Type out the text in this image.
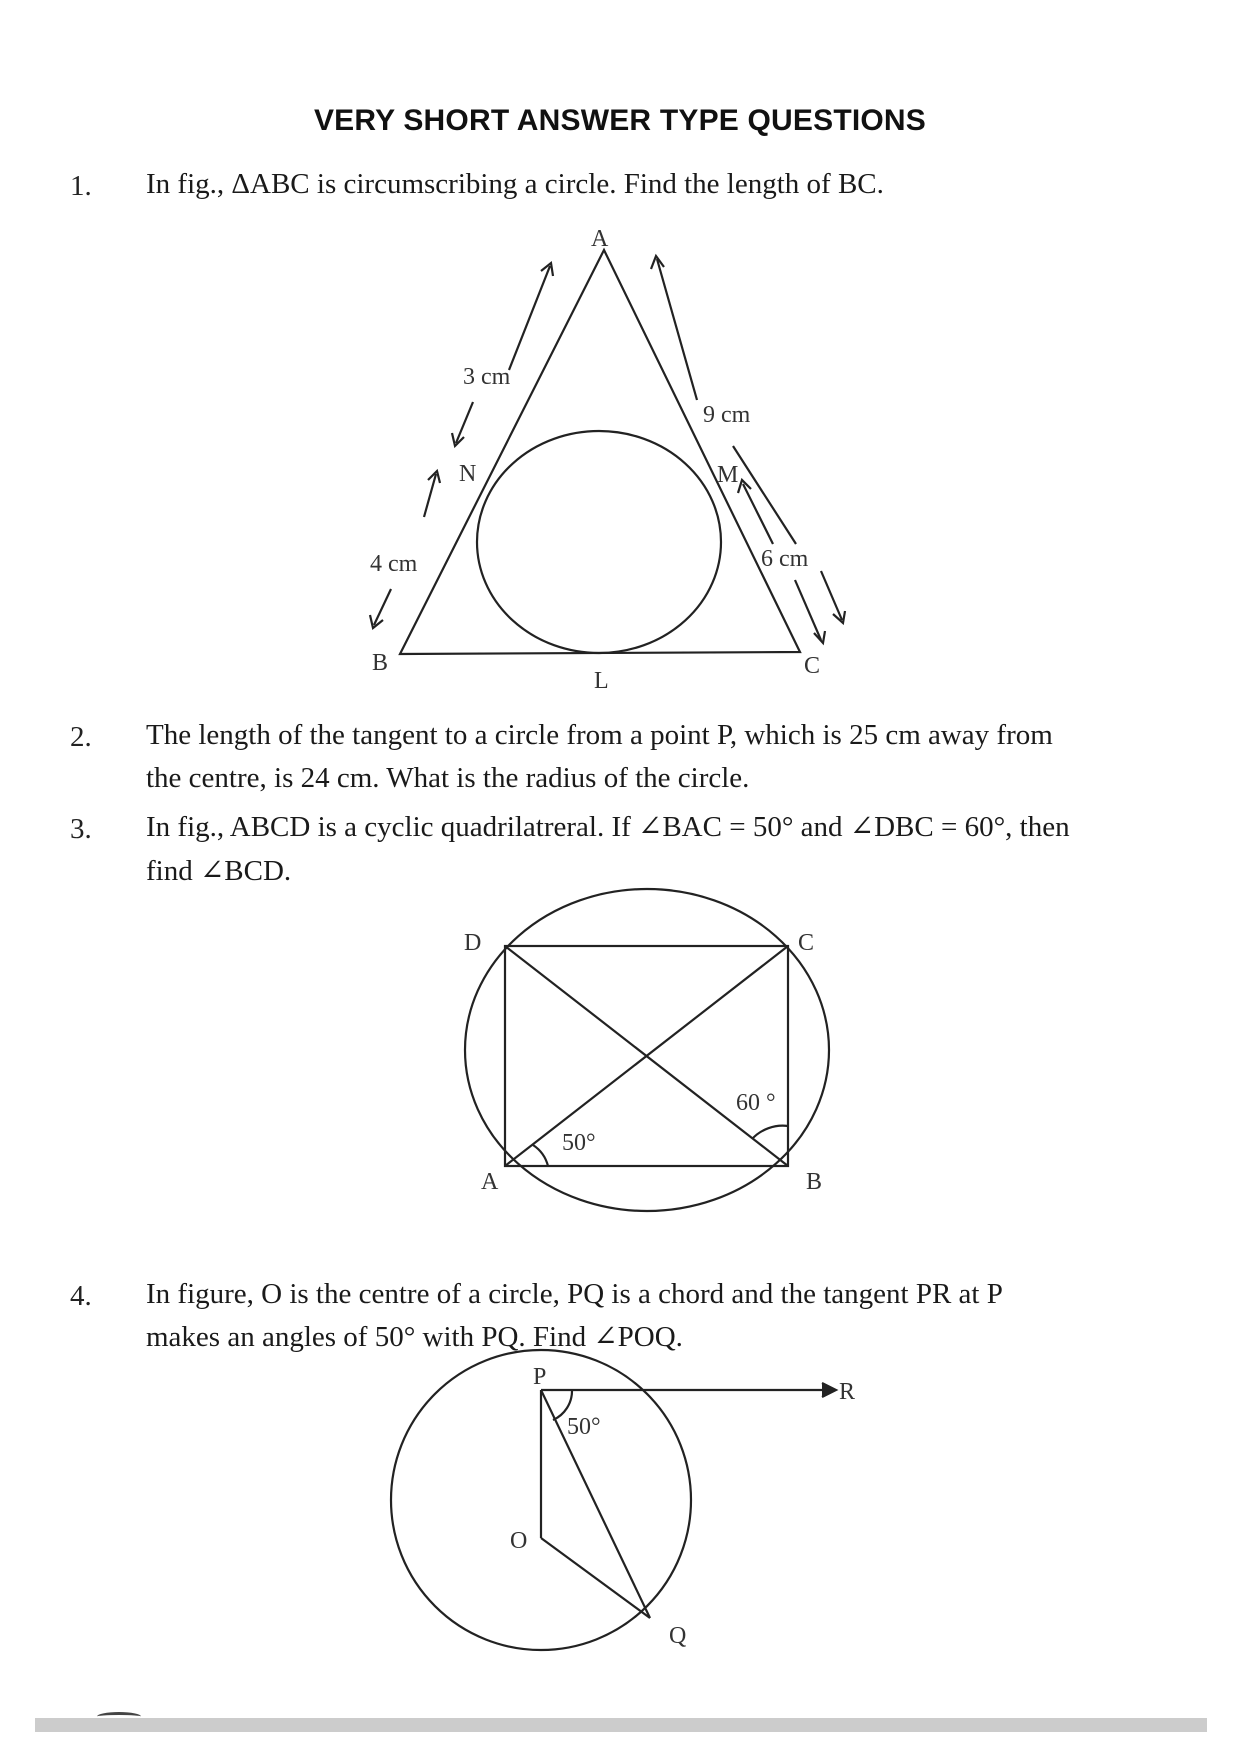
VERY SHORT ANSWER TYPE QUESTIONS
1. In fig., ΔABC is circumscribing a circle. Find the length of BC.
A
3 cm
9 cm
N	M
4 cm	6 cm
B
L
C
2. The length of the tangent to a circle from a point P, which is 25 cm away from
the centre, is 24 cm. What is the radius of the circle.
3. In fig., ABCD is a cyclic quadrilatreral. If ∠BAC = 50° and ∠DBC = 60°, then
find ∠BCD.
D	C
60 °
50°
A	B
4. In figure, O is the centre of a circle, PQ is a chord and the tangent PR at P
makes an angles of 50° with PQ. Find ∠POQ.
P
R
50°
O
Q
